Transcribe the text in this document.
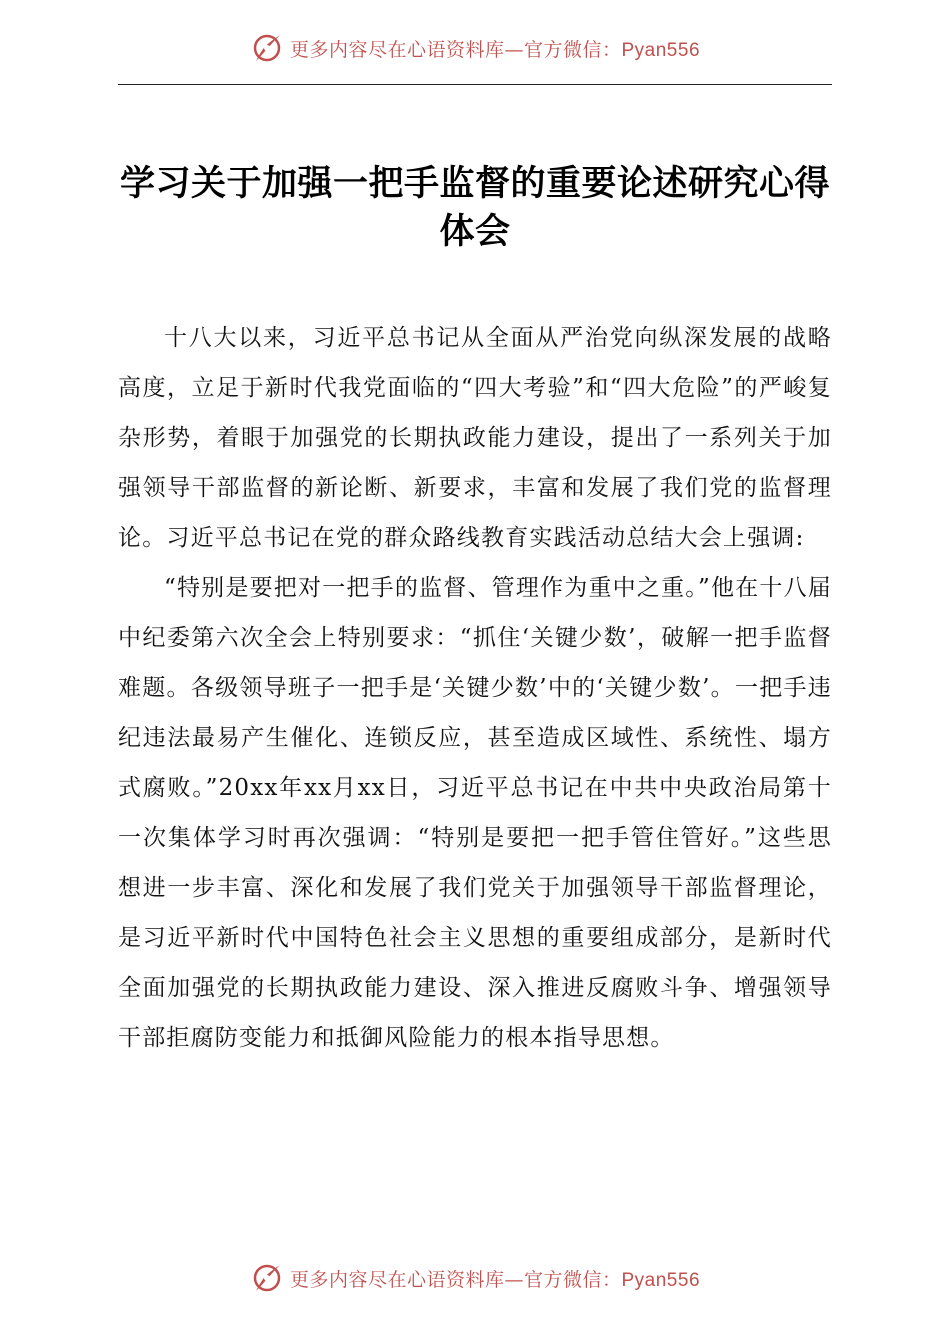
更多内容尽在心语资料库—官方微信：Pyan556
学习关于加强一把手监督的重要论述研究心得体会

十八大以来，习近平总书记从全面从严治党向纵深发展的战略高度，立足于新时代我党面临的“四大考验”和“四大危险”的严峻复杂形势，着眼于加强党的长期执政能力建设，提出了一系列关于加强领导干部监督的新论断、新要求，丰富和发展了我们党的监督理论。习近平总书记在党的群众路线教育实践活动总结大会上强调:

“特别是要把对一把手的监督、管理作为重中之重。”他在十八届中纪委第六次全会上特别要求：“抓住‘关键少数’，破解一把手监督难题。各级领导班子一把手是‘关键少数’中的‘关键少数’。一把手违纪违法最易产生催化、连锁反应，甚至造成区域性、系统性、塌方式腐败。”20xx年xx月xx日，习近平总书记在中共中央政治局第十一次集体学习时再次强调：“特别是要把一把手管住管好。”这些思想进一步丰富、深化和发展了我们党关于加强领导干部监督理论，是习近平新时代中国特色社会主义思想的重要组成部分，是新时代全面加强党的长期执政能力建设、深入推进反腐败斗争、增强领导干部拒腐防变能力和抵御风险能力的根本指导思想。

更多内容尽在心语资料库—官方微信：Pyan556
